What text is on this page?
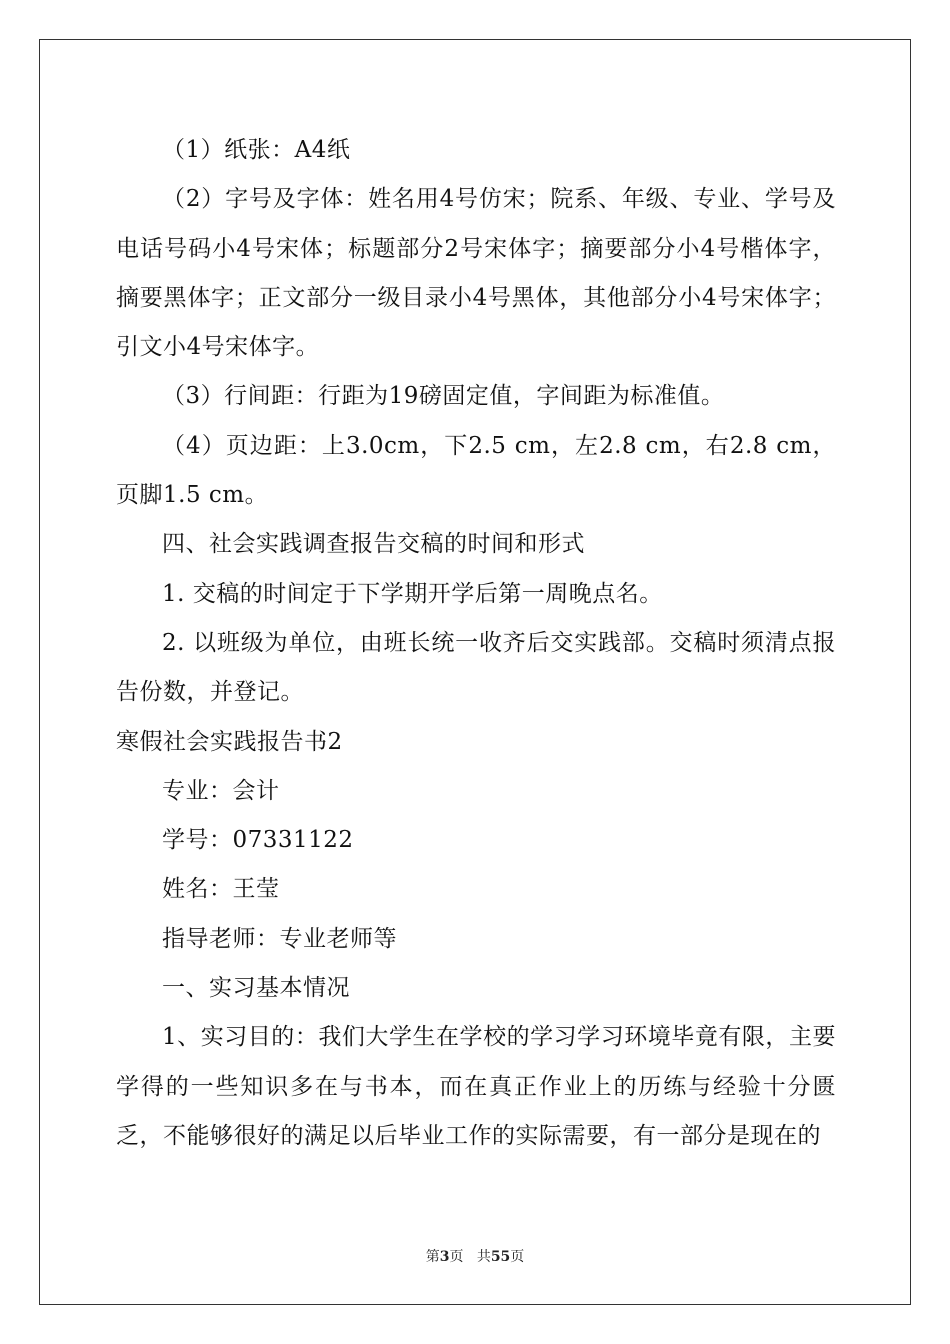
（1）纸张：A4纸

（2）字号及字体：姓名用4号仿宋；院系、年级、专业、学号及电话号码小4号宋体；标题部分2号宋体字；摘要部分小4号楷体字，摘要黑体字；正文部分一级目录小4号黑体，其他部分小4号宋体字；引文小4号宋体字。

（3）行间距：行距为19磅固定值，字间距为标准值。

（4）页边距：上3.0cm，下2.5 cm，左2.8 cm，右2.8 cm，页脚1.5 cm。

四、社会实践调查报告交稿的时间和形式

1. 交稿的时间定于下学期开学后第一周晚点名。

2. 以班级为单位，由班长统一收齐后交实践部。交稿时须清点报告份数，并登记。

寒假社会实践报告书2

专业：会计

学号：07331122

姓名：王莹

指导老师：专业老师等

一、实习基本情况

1、实习目的：我们大学生在学校的学习学习环境毕竟有限，主要学得的一些知识多在与书本，而在真正作业上的历练与经验十分匮乏，不能够很好的满足以后毕业工作的实际需要，有一部分是现在的

第3页 共55页
